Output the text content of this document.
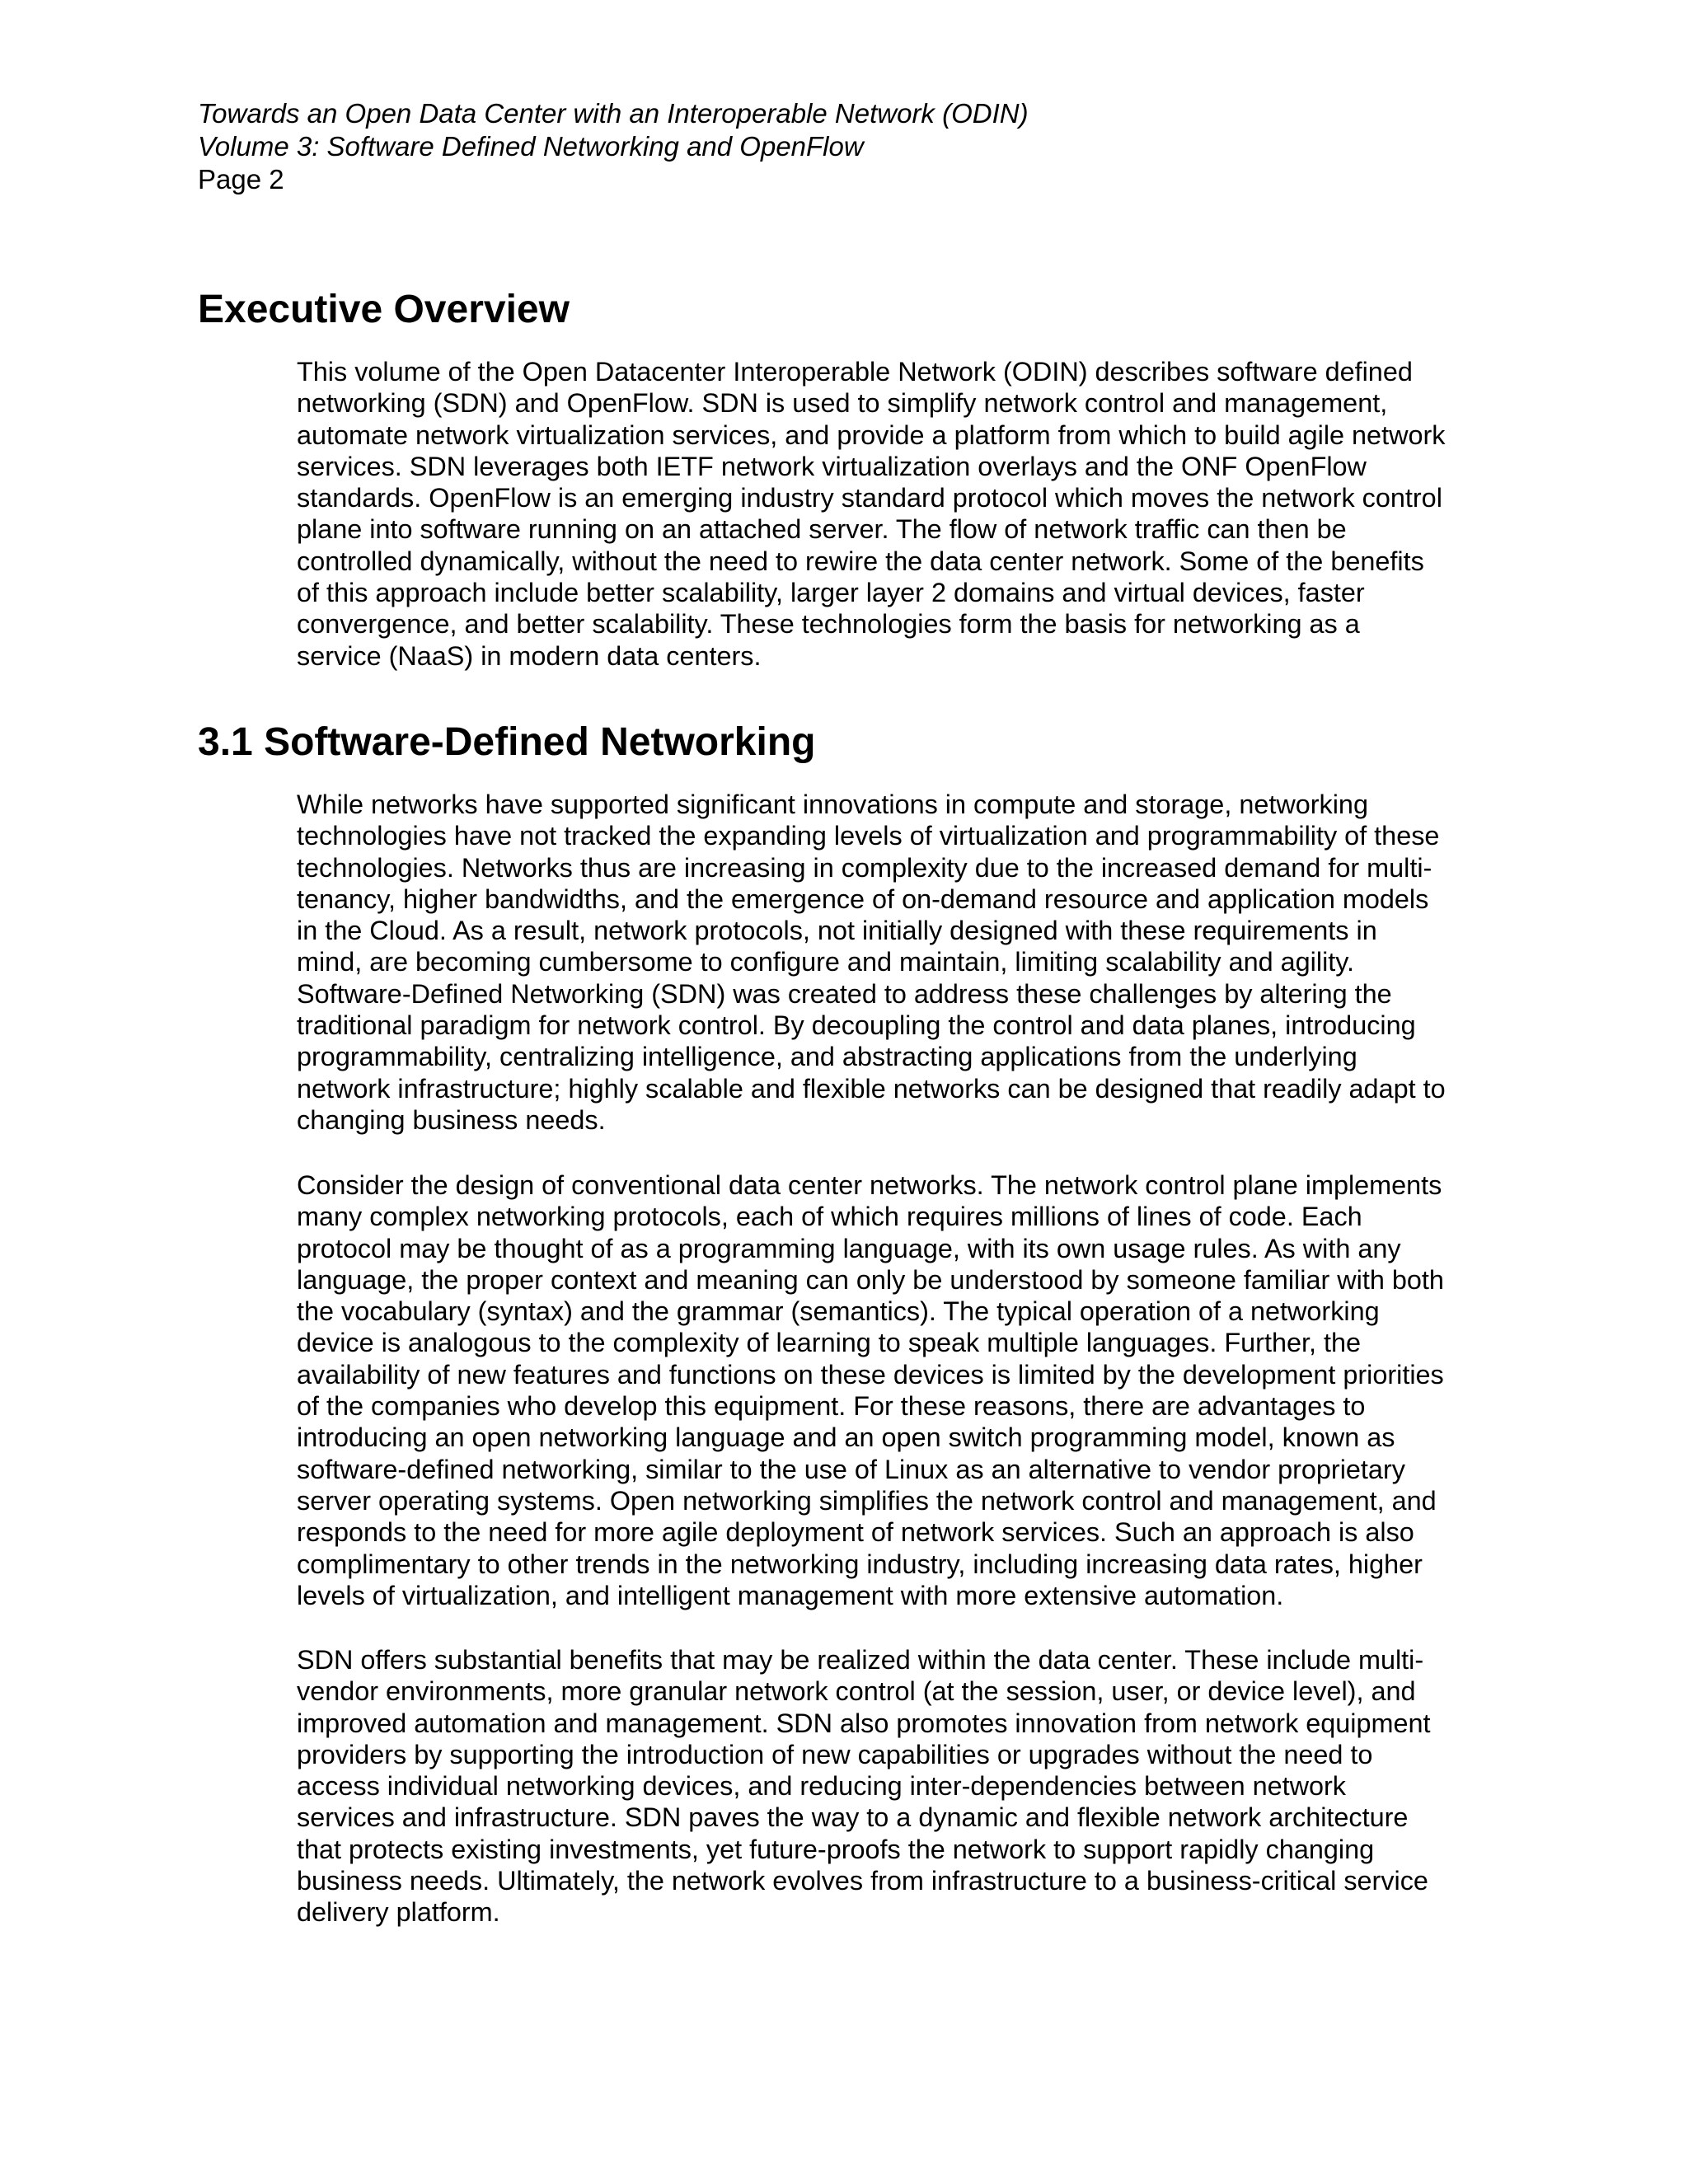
Towards an Open Data Center with an Interoperable Network (ODIN)
Volume 3: Software Defined Networking and OpenFlow
Page 2
Executive Overview
This volume of the Open Datacenter Interoperable Network (ODIN) describes software defined
networking (SDN) and OpenFlow. SDN is used to simplify network control and management,
automate network virtualization services, and provide a platform from which to build agile network
services. SDN leverages both IETF network virtualization overlays and the ONF OpenFlow
standards. OpenFlow is an emerging industry standard protocol which moves the network control
plane into software running on an attached server. The flow of network traffic can then be
controlled dynamically, without the need to rewire the data center network. Some of the benefits
of this approach include better scalability, larger layer 2 domains and virtual devices, faster
convergence, and better scalability. These technologies form the basis for networking as a
service (NaaS) in modern data centers.
3.1 Software-Defined Networking
While networks have supported significant innovations in compute and storage, networking
technologies have not tracked the expanding levels of virtualization and programmability of these
technologies. Networks thus are increasing in complexity due to the increased demand for multi-
tenancy, higher bandwidths, and the emergence of on-demand resource and application models
in the Cloud. As a result, network protocols, not initially designed with these requirements in
mind, are becoming cumbersome to configure and maintain, limiting scalability and agility.
Software-Defined Networking (SDN) was created to address these challenges by altering the
traditional paradigm for network control. By decoupling the control and data planes, introducing
programmability, centralizing intelligence, and abstracting applications from the underlying
network infrastructure; highly scalable and flexible networks can be designed that readily adapt to
changing business needs.
Consider the design of conventional data center networks. The network control plane implements
many complex networking protocols, each of which requires millions of lines of code. Each
protocol may be thought of as a programming language, with its own usage rules. As with any
language, the proper context and meaning can only be understood by someone familiar with both
the vocabulary (syntax) and the grammar (semantics). The typical operation of a networking
device is analogous to the complexity of learning to speak multiple languages. Further, the
availability of new features and functions on these devices is limited by the development priorities
of the companies who develop this equipment. For these reasons, there are advantages to
introducing an open networking language and an open switch programming model, known as
software-defined networking, similar to the use of Linux as an alternative to vendor proprietary
server operating systems. Open networking simplifies the network control and management, and
responds to the need for more agile deployment of network services. Such an approach is also
complimentary to other trends in the networking industry, including increasing data rates, higher
levels of virtualization, and intelligent management with more extensive automation.
SDN offers substantial benefits that may be realized within the data center. These include multi-
vendor environments, more granular network control (at the session, user, or device level), and
improved automation and management. SDN also promotes innovation from network equipment
providers by supporting the introduction of new capabilities or upgrades without the need to
access individual networking devices, and reducing inter-dependencies between network
services and infrastructure. SDN paves the way to a dynamic and flexible network architecture
that protects existing investments, yet future-proofs the network to support rapidly changing
business needs. Ultimately, the network evolves from infrastructure to a business-critical service
delivery platform.
